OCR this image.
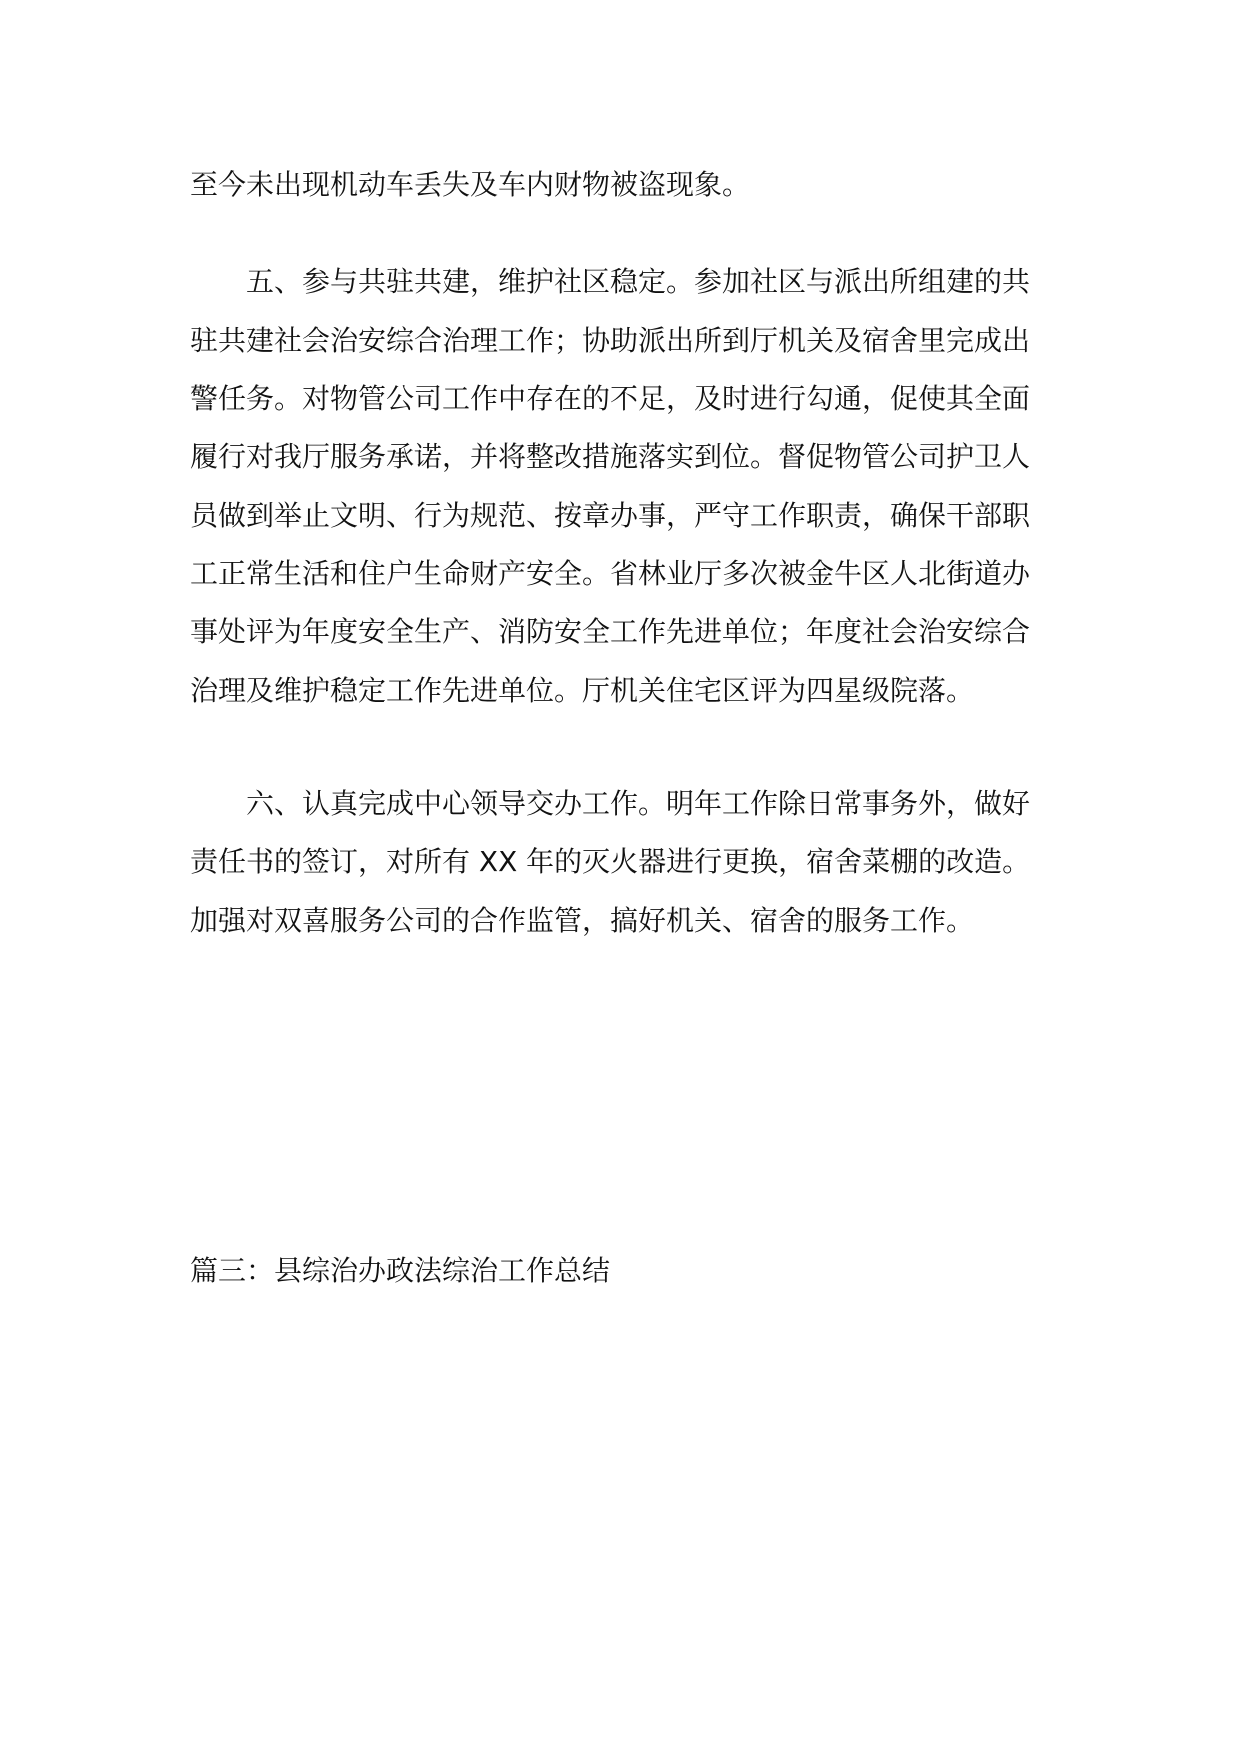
至今未出现机动车丢失及车内财物被盗现象。
五、参与共驻共建，维护社区稳定。参加社区与派出所组建的共
驻共建社会治安综合治理工作；协助派出所到厅机关及宿舍里完成出
警任务。对物管公司工作中存在的不足，及时进行勾通，促使其全面
履行对我厅服务承诺，并将整改措施落实到位。督促物管公司护卫人
员做到举止文明、行为规范、按章办事，严守工作职责，确保干部职
工正常生活和住户生命财产安全。省林业厅多次被金牛区人北街道办
事处评为年度安全生产、消防安全工作先进单位；年度社会治安综合
治理及维护稳定工作先进单位。厅机关住宅区评为四星级院落。
六、认真完成中心领导交办工作。明年工作除日常事务外，做好
责任书的签订，对所有 XX 年的灭火器进行更换，宿舍菜棚的改造。
加强对双喜服务公司的合作监管，搞好机关、宿舍的服务工作。
篇三：县综治办政法综治工作总结
